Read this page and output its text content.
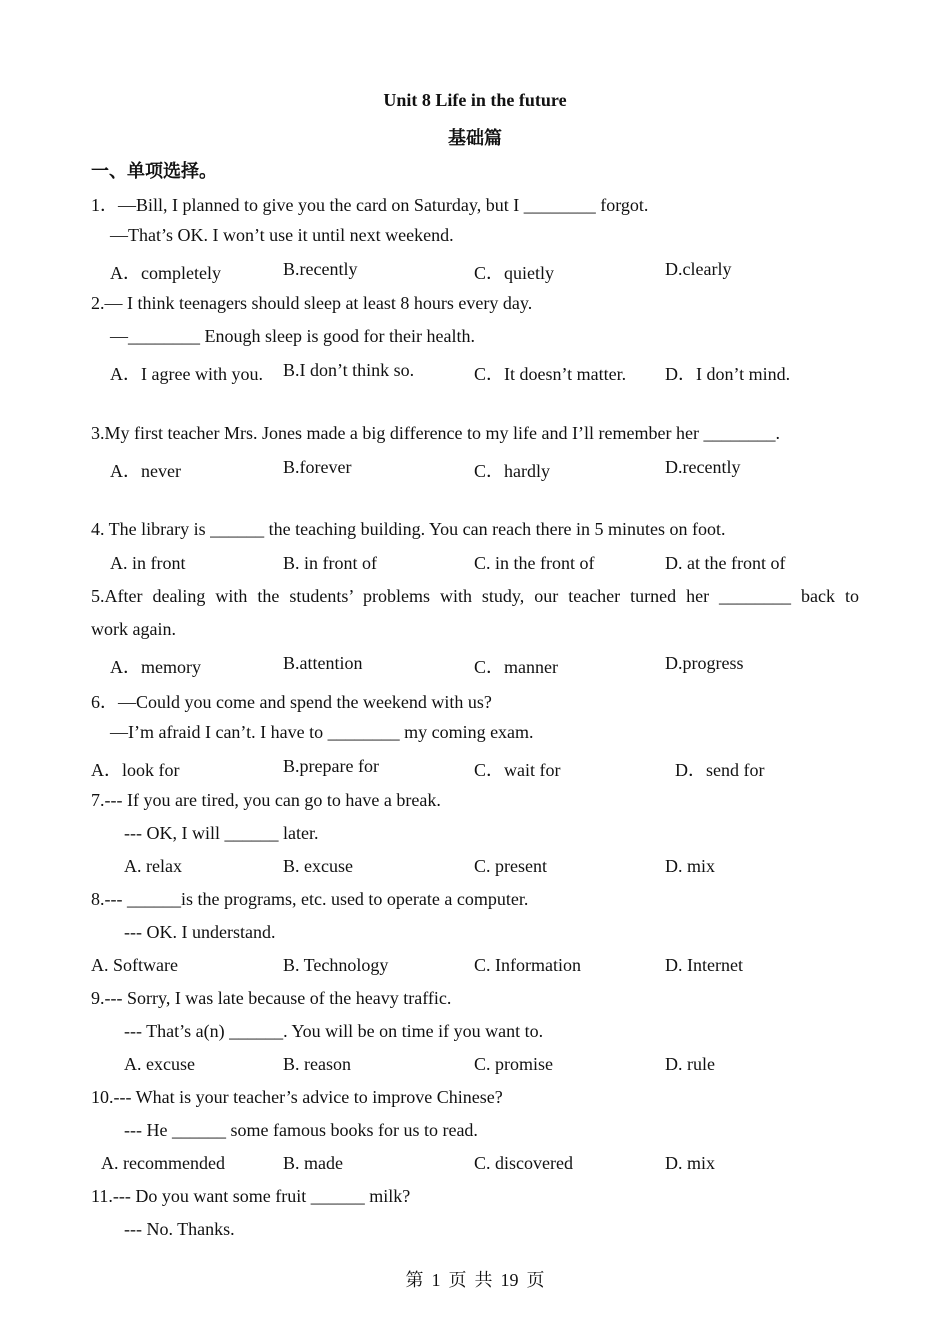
Unit 8 Life in the future
基础篇
一、单项选择。
1．—Bill, I planned to give you the card on Saturday, but I ________ forgot.
—That’s OK. I won’t use it until next weekend.
A．completely	B.recently	C．quietly	D.clearly
2.— I think teenagers should sleep at least 8 hours every day.
—________ Enough sleep is good for their health.
A．I agree with you. B.I don’t think so.	C．It doesn’t matter. D．I don’t mind.
3.My first teacher Mrs. Jones made a big difference to my life and I’ll remember her ________.
A．never	B.forever	C．hardly	D.recently
4. The library is ______ the teaching building. You can reach there in 5 minutes on foot.
A. in front	B. in front of	C. in the front of	D. at the front of
5.After dealing with the students’ problems with study, our teacher turned her ________ back to
work again.
A．memory	B.attention	C．manner	D.progress
6．—Could you come and spend the weekend with us?
—I’m afraid I can’t. I have to ________ my coming exam.
A．look for	B.prepare for	C．wait for	D．send for
7.--- If you are tired, you can go to have a break.
--- OK, I will ______ later.
A. relax	B. excuse	C. present	D. mix
8.--- ______is the programs, etc. used to operate a computer.
--- OK. I understand.
A. Software	B. Technology	C. Information	D. Internet
9.--- Sorry, I was late because of the heavy traffic.
--- That’s a(n) ______. You will be on time if you want to.
A. excuse	B. reason	C. promise	D. rule
10.--- What is your teacher’s advice to improve Chinese?
--- He ______ some famous books for us to read.
A. recommended	B. made	C. discovered	D. mix
11.--- Do you want some fruit ______ milk?
--- No. Thanks.
第 1 页 共 19 页
